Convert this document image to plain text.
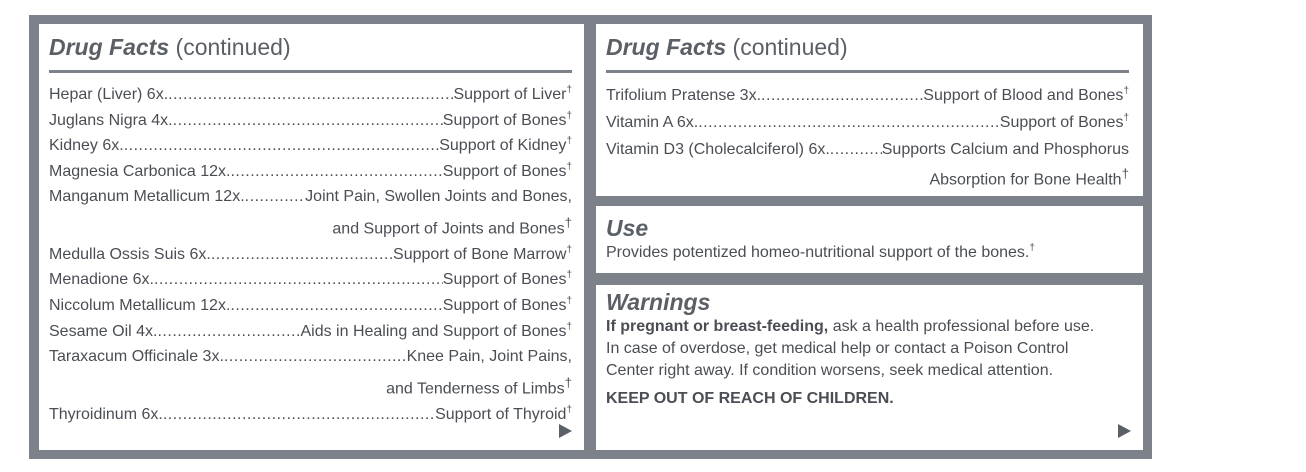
Drug Facts (continued)
Hepar (Liver) 6x. .....	Support of Liver†
Juglans Nigra 4x. .....	Support of Bones†
Kidney 6x. .....	Support of Kidney†
Magnesia Carbonica 12x. .....	Support of Bones†
Manganum Metallicum 12x. .....	Joint Pain, Swollen Joints and Bones,
and Support of Joints and Bones†
Medulla Ossis Suis 6x. .....	Support of Bone Marrow†
Menadione 6x. .....	Support of Bones†
Niccolum Metallicum 12x. .....	Support of Bones†
Sesame Oil 4x. .....	Aids in Healing and Support of Bones†
Taraxacum Officinale 3x. .....	Knee Pain, Joint Pains,
and Tenderness of Limbs†
Thyroidinum 6x. .....	Support of Thyroid†
Drug Facts (continued)
Trifolium Pratense 3x. .....	Support of Blood and Bones†
Vitamin A 6x. .....	Support of Bones†
Vitamin D3 (Cholecalciferol) 6x. .....	Supports Calcium and Phosphorus
Absorption for Bone Health†
Use
Provides potentized homeo-nutritional support of the bones.†
Warnings
If pregnant or breast-feeding, ask a health professional before use.
In case of overdose, get medical help or contact a Poison Control
Center right away. If condition worsens, seek medical attention.
KEEP OUT OF REACH OF CHILDREN.
